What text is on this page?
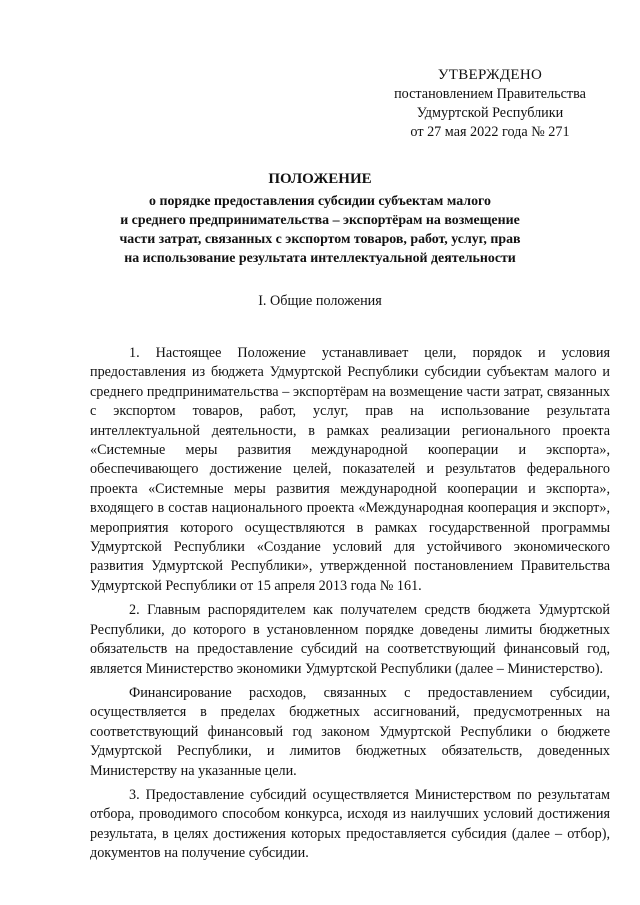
УТВЕРЖДЕНО
постановлением Правительства
Удмуртской Республики
от 27 мая 2022 года № 271
ПОЛОЖЕНИЕ
о порядке предоставления субсидии субъектам малого
и среднего предпринимательства – экспортёрам на возмещение
части затрат, связанных с экспортом товаров, работ, услуг, прав
на использование результата интеллектуальной деятельности
I. Общие положения

1. Настоящее Положение устанавливает цели, порядок и условия предоставления из бюджета Удмуртской Республики субсидии субъектам малого и среднего предпринимательства – экспортёрам на возмещение части затрат, связанных с экспортом товаров, работ, услуг, прав на использование результата интеллектуальной деятельности, в рамках реализации регионального проекта «Системные меры развития международной кооперации и экспорта», обеспечивающего достижение целей, показателей и результатов федерального проекта «Системные меры развития международной кооперации и экспорта», входящего в состав национального проекта «Международная кооперация и экспорт», мероприятия которого осуществляются в рамках государственной программы Удмуртской Республики «Создание условий для устойчивого экономического развития Удмуртской Республики», утвержденной постановлением Правительства Удмуртской Республики от 15 апреля 2013 года № 161.

2. Главным распорядителем как получателем средств бюджета Удмуртской Республики, до которого в установленном порядке доведены лимиты бюджетных обязательств на предоставление субсидий на соответствующий финансовый год, является Министерство экономики Удмуртской Республики (далее – Министерство).

Финансирование расходов, связанных с предоставлением субсидии, осуществляется в пределах бюджетных ассигнований, предусмотренных на соответствующий финансовый год законом Удмуртской Республики о бюджете Удмуртской Республики, и лимитов бюджетных обязательств, доведенных Министерству на указанные цели.

3. Предоставление субсидий осуществляется Министерством по результатам отбора, проводимого способом конкурса, исходя из наилучших условий достижения результата, в целях достижения которых предоставляется субсидия (далее – отбор), документов на получение субсидии.
